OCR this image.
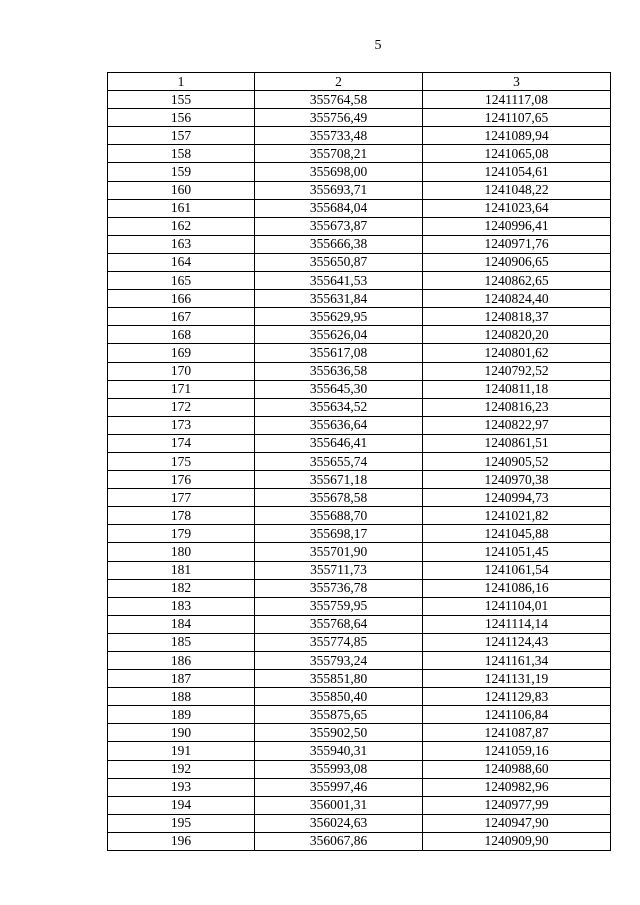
5
1	2	3
155	355764,58	1241117,08
156	355756,49	1241107,65
157	355733,48	1241089,94
158	355708,21	1241065,08
159	355698,00	1241054,61
160	355693,71	1241048,22
161	355684,04	1241023,64
162	355673,87	1240996,41
163	355666,38	1240971,76
164	355650,87	1240906,65
165	355641,53	1240862,65
166	355631,84	1240824,40
167	355629,95	1240818,37
168	355626,04	1240820,20
169	355617,08	1240801,62
170	355636,58	1240792,52
171	355645,30	1240811,18
172	355634,52	1240816,23
173	355636,64	1240822,97
174	355646,41	1240861,51
175	355655,74	1240905,52
176	355671,18	1240970,38
177	355678,58	1240994,73
178	355688,70	1241021,82
179	355698,17	1241045,88
180	355701,90	1241051,45
181	355711,73	1241061,54
182	355736,78	1241086,16
183	355759,95	1241104,01
184	355768,64	1241114,14
185	355774,85	1241124,43
186	355793,24	1241161,34
187	355851,80	1241131,19
188	355850,40	1241129,83
189	355875,65	1241106,84
190	355902,50	1241087,87
191	355940,31	1241059,16
192	355993,08	1240988,60
193	355997,46	1240982,96
194	356001,31	1240977,99
195	356024,63	1240947,90
196	356067,86	1240909,90
